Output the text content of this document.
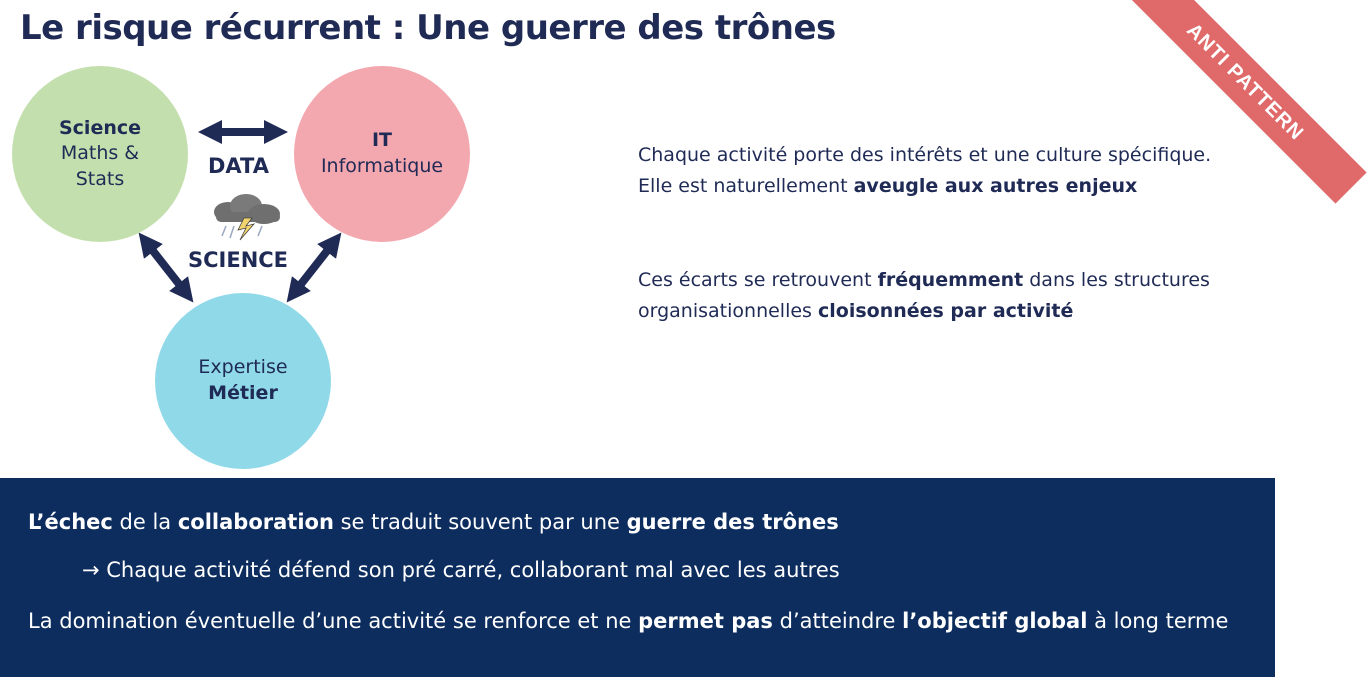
Le risque récurrent : Une guerre des trônes	ANTI PATTERN
Science
Maths &
Stats
IT
Informatique
Expertise
Métier
DATA
SCIENCE
Chaque activité porte des intérêts et une culture spécifique. Elle est naturellement aveugle aux autres enjeux
Ces écarts se retrouvent fréquemment dans les structures organisationnelles cloisonnées par activité
L’échec de la collaboration se traduit souvent par une guerre des trônes
→ Chaque activité défend son pré carré, collaborant mal avec les autres
La domination éventuelle d’une activité se renforce et ne permet pas d’atteindre l’objectif global à long terme
